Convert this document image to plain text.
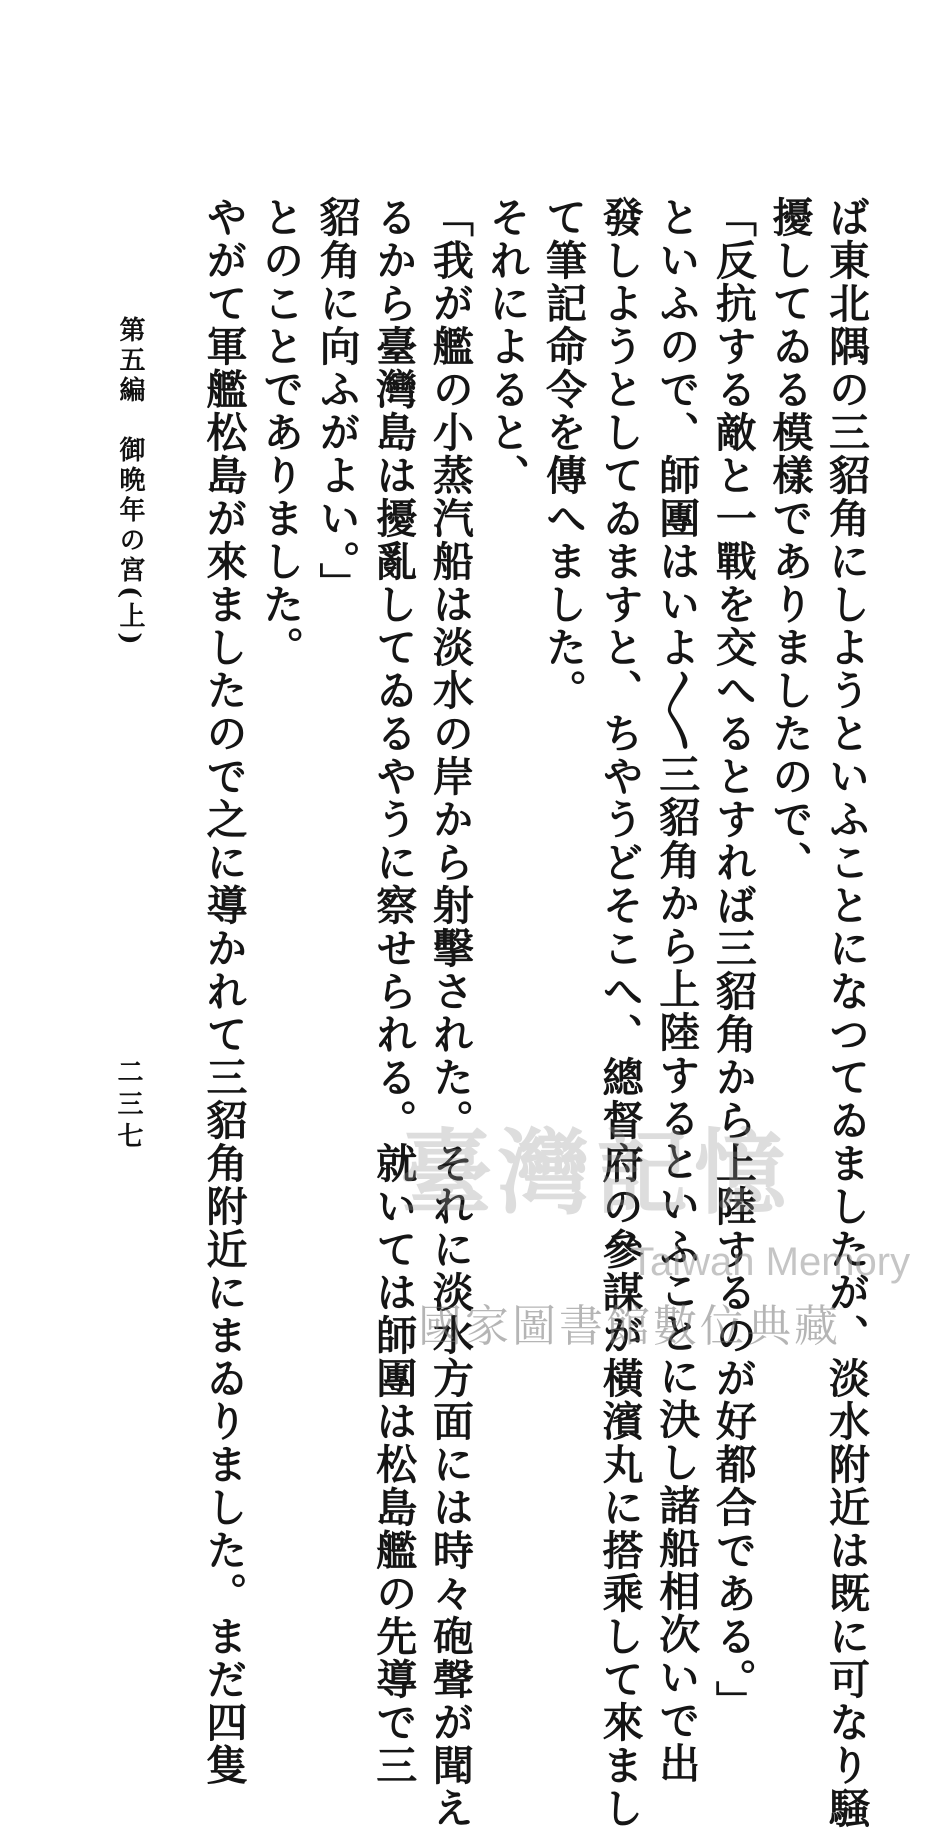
ば東北隅の三貂角にしようといふことになつてゐましたが、淡水附近は既に可なり騒
擾してゐる模樣でありましたので、
「反抗する敵と一戰を交へるとすれば三貂角から上陸するのが好都合である。」
といふので、師團はいよ〳〵三貂角から上陸するといふことに決し諸船相次いで出
發しようとしてゐますと、ちやうどそこへ、總督府の參謀が橫濱丸に搭乘して來まし
て筆記命令を傳へました。
それによると、
「我が艦の小蒸汽船は淡水の岸から射擊された。それに淡水方面には時々砲聲が聞え
るから臺灣島は擾亂してゐるやうに察せられる。就いては師團は松島艦の先導で三
貂角に向ふがよい。」
とのことでありました。
やがて軍艦松島が來ましたので之に導かれて三貂角附近にまゐりました。まだ四隻
第五編　御晩年の宮(上)
二三七
臺灣記憶
Taiwan Memory
國家圖書館數位典藏
